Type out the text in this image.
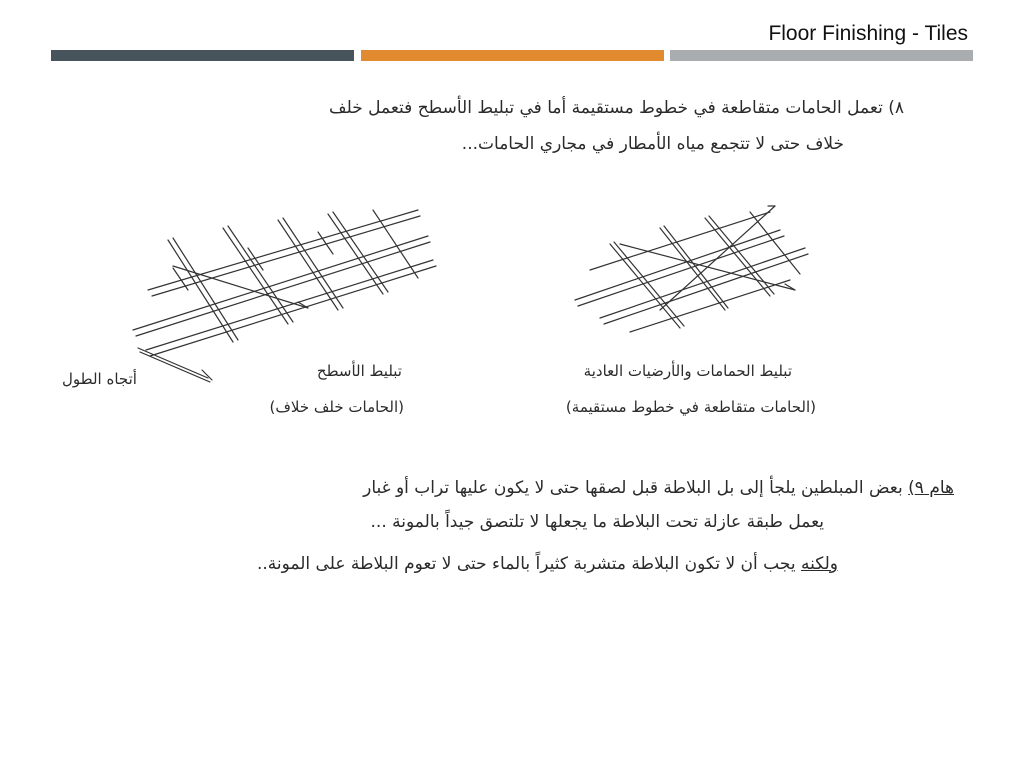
Floor Finishing - Tiles
٨) تعمل الحامات متقاطعة في خطوط مستقيمة أما في تبليط الأسطح فتعمل خلف
خلاف حتى لا تتجمع مياه الأمطار في مجاري الحامات...
تبليط الأسطح
(الحامات خلف خلاف)
أتجاه الطول	تبليط الحمامات والأرضيات العادية
(الحامات متقاطعة في خطوط مستقيمة)
هام ٩) بعض المبلطين يلجأ إلى بل البلاطة قبل لصقها حتى لا يكون عليها تراب أو غبار
يعمل طبقة عازلة تحت البلاطة ما يجعلها لا تلتصق جيداً بالمونة ...
ولكنه يجب أن لا تكون البلاطة متشربة كثيراً بالماء حتى لا تعوم البلاطة على المونة..
